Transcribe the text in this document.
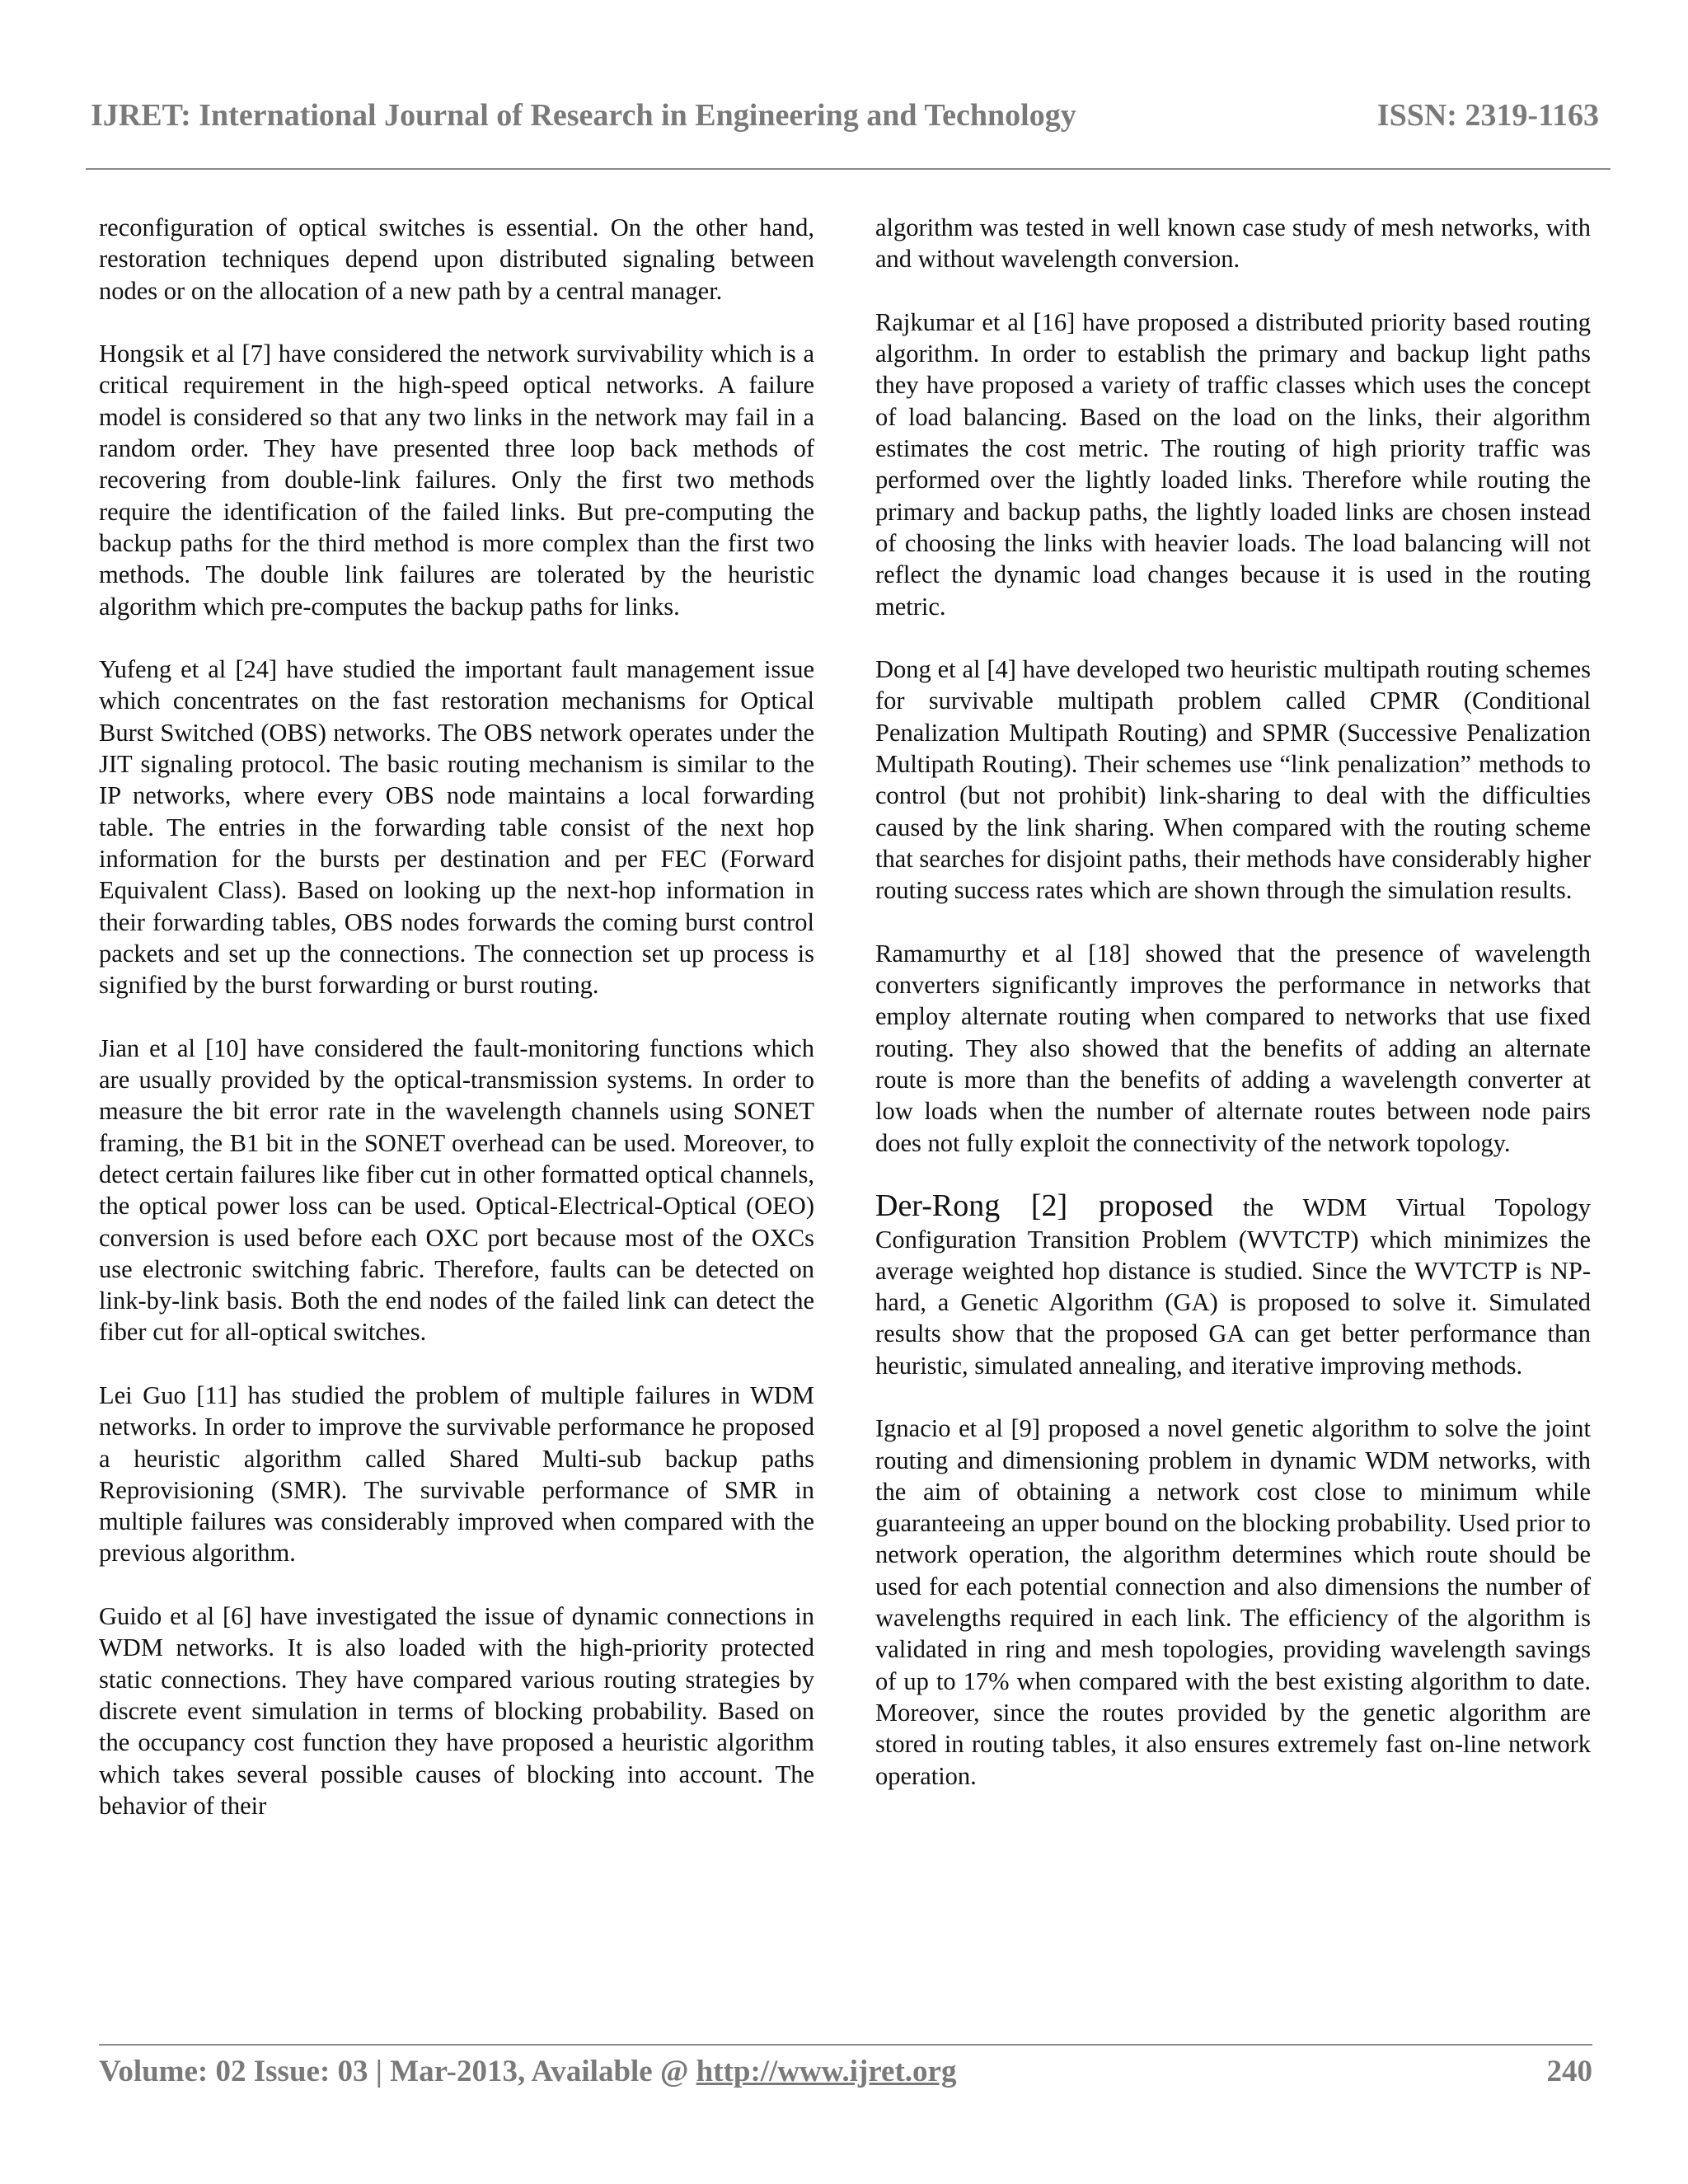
IJRET: International Journal of Research in Engineering and Technology	ISSN: 2319-1163

reconfiguration of optical switches is essential. On the other hand, restoration techniques depend upon distributed signaling between nodes or on the allocation of a new path by a central manager.

Hongsik et al [7] have considered the network survivability which is a critical requirement in the high-speed optical networks. A failure model is considered so that any two links in the network may fail in a random order. They have presented three loop back methods of recovering from double-link failures. Only the first two methods require the identification of the failed links. But pre-computing the backup paths for the third method is more complex than the first two methods. The double link failures are tolerated by the heuristic algorithm which pre-computes the backup paths for links.

Yufeng et al [24] have studied the important fault management issue which concentrates on the fast restoration mechanisms for Optical Burst Switched (OBS) networks. The OBS network operates under the JIT signaling protocol. The basic routing mechanism is similar to the IP networks, where every OBS node maintains a local forwarding table. The entries in the forwarding table consist of the next hop information for the bursts per destination and per FEC (Forward Equivalent Class). Based on looking up the next-hop information in their forwarding tables, OBS nodes forwards the coming burst control packets and set up the connections. The connection set up process is signified by the burst forwarding or burst routing.

Jian et al [10] have considered the fault-monitoring functions which are usually provided by the optical-transmission systems. In order to measure the bit error rate in the wavelength channels using SONET framing, the B1 bit in the SONET overhead can be used. Moreover, to detect certain failures like fiber cut in other formatted optical channels, the optical power loss can be used. Optical-Electrical-Optical (OEO) conversion is used before each OXC port because most of the OXCs use electronic switching fabric. Therefore, faults can be detected on link-by-link basis. Both the end nodes of the failed link can detect the fiber cut for all-optical switches.

Lei Guo [11] has studied the problem of multiple failures in WDM networks. In order to improve the survivable performance he proposed a heuristic algorithm called Shared Multi-sub backup paths Reprovisioning (SMR). The survivable performance of SMR in multiple failures was considerably improved when compared with the previous algorithm.

Guido et al [6] have investigated the issue of dynamic connections in WDM networks. It is also loaded with the high-priority protected static connections. They have compared various routing strategies by discrete event simulation in terms of blocking probability. Based on the occupancy cost function they have proposed a heuristic algorithm which takes several possible causes of blocking into account. The behavior of their

algorithm was tested in well known case study of mesh networks, with and without wavelength conversion.

Rajkumar et al [16] have proposed a distributed priority based routing algorithm. In order to establish the primary and backup light paths they have proposed a variety of traffic classes which uses the concept of load balancing. Based on the load on the links, their algorithm estimates the cost metric. The routing of high priority traffic was performed over the lightly loaded links. Therefore while routing the primary and backup paths, the lightly loaded links are chosen instead of choosing the links with heavier loads. The load balancing will not reflect the dynamic load changes because it is used in the routing metric.

Dong et al [4] have developed two heuristic multipath routing schemes for survivable multipath problem called CPMR (Conditional Penalization Multipath Routing) and SPMR (Successive Penalization Multipath Routing). Their schemes use “link penalization” methods to control (but not prohibit) link-sharing to deal with the difficulties caused by the link sharing. When compared with the routing scheme that searches for disjoint paths, their methods have considerably higher routing success rates which are shown through the simulation results.

Ramamurthy et al [18] showed that the presence of wavelength converters significantly improves the performance in networks that employ alternate routing when compared to networks that use fixed routing. They also showed that the benefits of adding an alternate route is more than the benefits of adding a wavelength converter at low loads when the number of alternate routes between node pairs does not fully exploit the connectivity of the network topology.

Der-Rong [2] proposed the WDM Virtual Topology Configuration Transition Problem (WVTCTP) which minimizes the average weighted hop distance is studied. Since the WVTCTP is NP-hard, a Genetic Algorithm (GA) is proposed to solve it. Simulated results show that the proposed GA can get better performance than heuristic, simulated annealing, and iterative improving methods.

Ignacio et al [9] proposed a novel genetic algorithm to solve the joint routing and dimensioning problem in dynamic WDM networks, with the aim of obtaining a network cost close to minimum while guaranteeing an upper bound on the blocking probability. Used prior to network operation, the algorithm determines which route should be used for each potential connection and also dimensions the number of wavelengths required in each link. The efficiency of the algorithm is validated in ring and mesh topologies, providing wavelength savings of up to 17% when compared with the best existing algorithm to date. Moreover, since the routes provided by the genetic algorithm are stored in routing tables, it also ensures extremely fast on-line network operation.

Volume: 02 Issue: 03 | Mar-2013, Available @ http://www.ijret.org	240
